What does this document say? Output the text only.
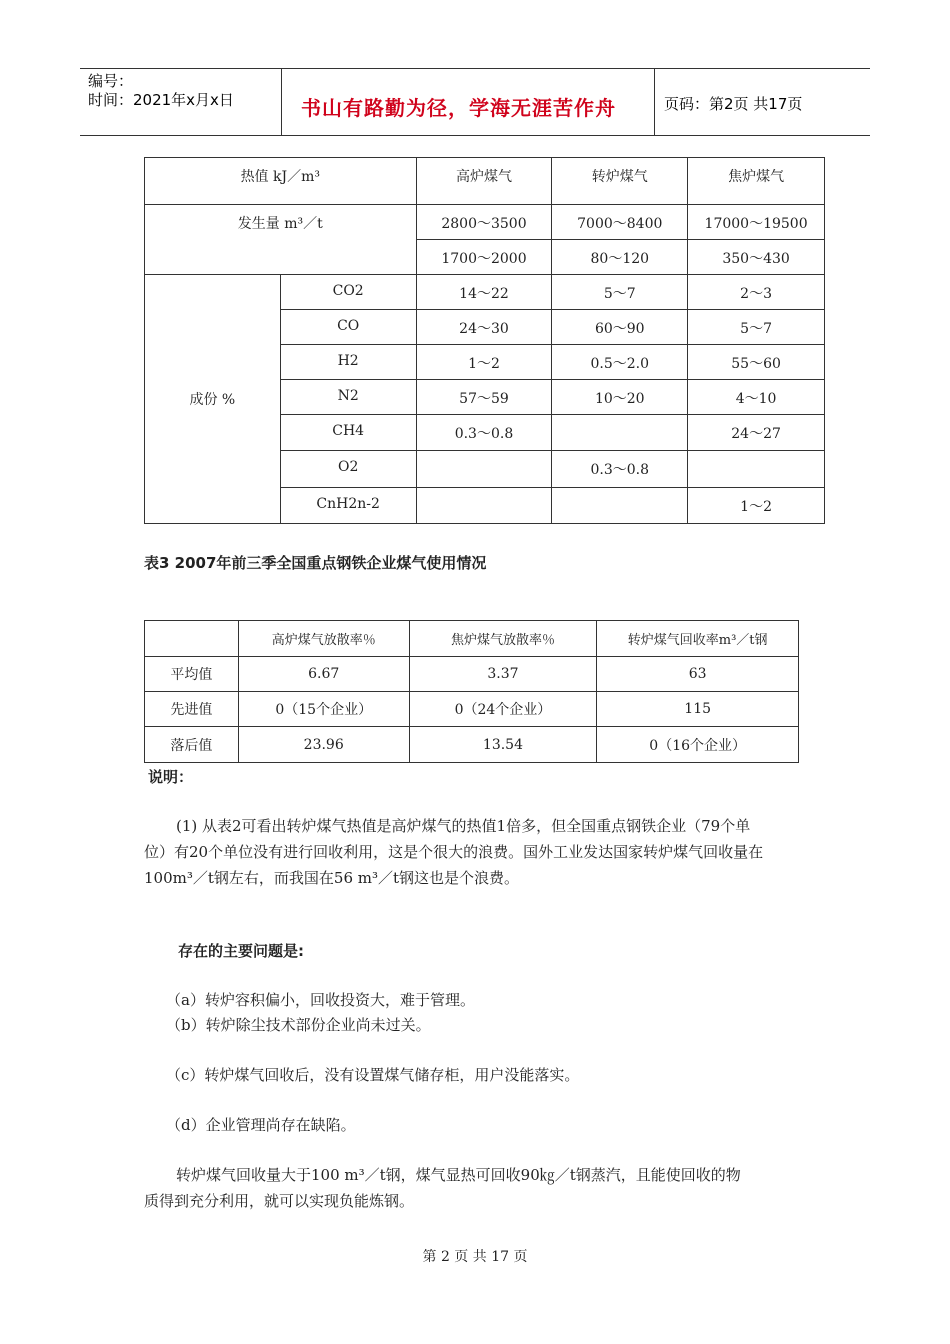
编号：
时间：2021年x月x日	书山有路勤为径，学海无涯苦作舟	页码：第2页 共17页
热值 kJ／m³		高炉煤气	转炉煤气	焦炉煤气
发生量 m³／t		2800～3500	7000～8400	17000～19500
		1700～2000	80～120	350～430
成份 %	CO2	14～22	5～7	2～3
	CO	24～30	60～90	5～7
	H2	1～2	0.5～2.0	55～60
	N2	57～59	10～20	4～10
	CH4	0.3～0.8		24～27
	O2		0.3～0.8	
	CnH2n-2			1～2
表3 2007年前三季全国重点钢铁企业煤气使用情况
	高炉煤气放散率％	焦炉煤气放散率％	转炉煤气回收率m³／t钢
平均值	6.67	3.37	63
先进值	0（15个企业）	0（24个企业）	115
落后值	23.96	13.54	0（16个企业）
说明：
(1) 从表2可看出转炉煤气热值是高炉煤气的热值1倍多，但全国重点钢铁企业（79个单
位）有20个单位没有进行回收利用，这是个很大的浪费。国外工业发达国家转炉煤气回收量在
100m³／t钢左右，而我国在56 m³／t钢这也是个浪费。
存在的主要问题是:
（a）转炉容积偏小，回收投资大，难于管理。
（b）转炉除尘技术部份企业尚未过关。
（c）转炉煤气回收后，没有设置煤气储存柜，用户没能落实。
（d）企业管理尚存在缺陷。
转炉煤气回收量大于100 m³／t钢，煤气显热可回收90㎏／t钢蒸汽，且能使回收的物
质得到充分利用，就可以实现负能炼钢。
第 2 页 共 17 页
